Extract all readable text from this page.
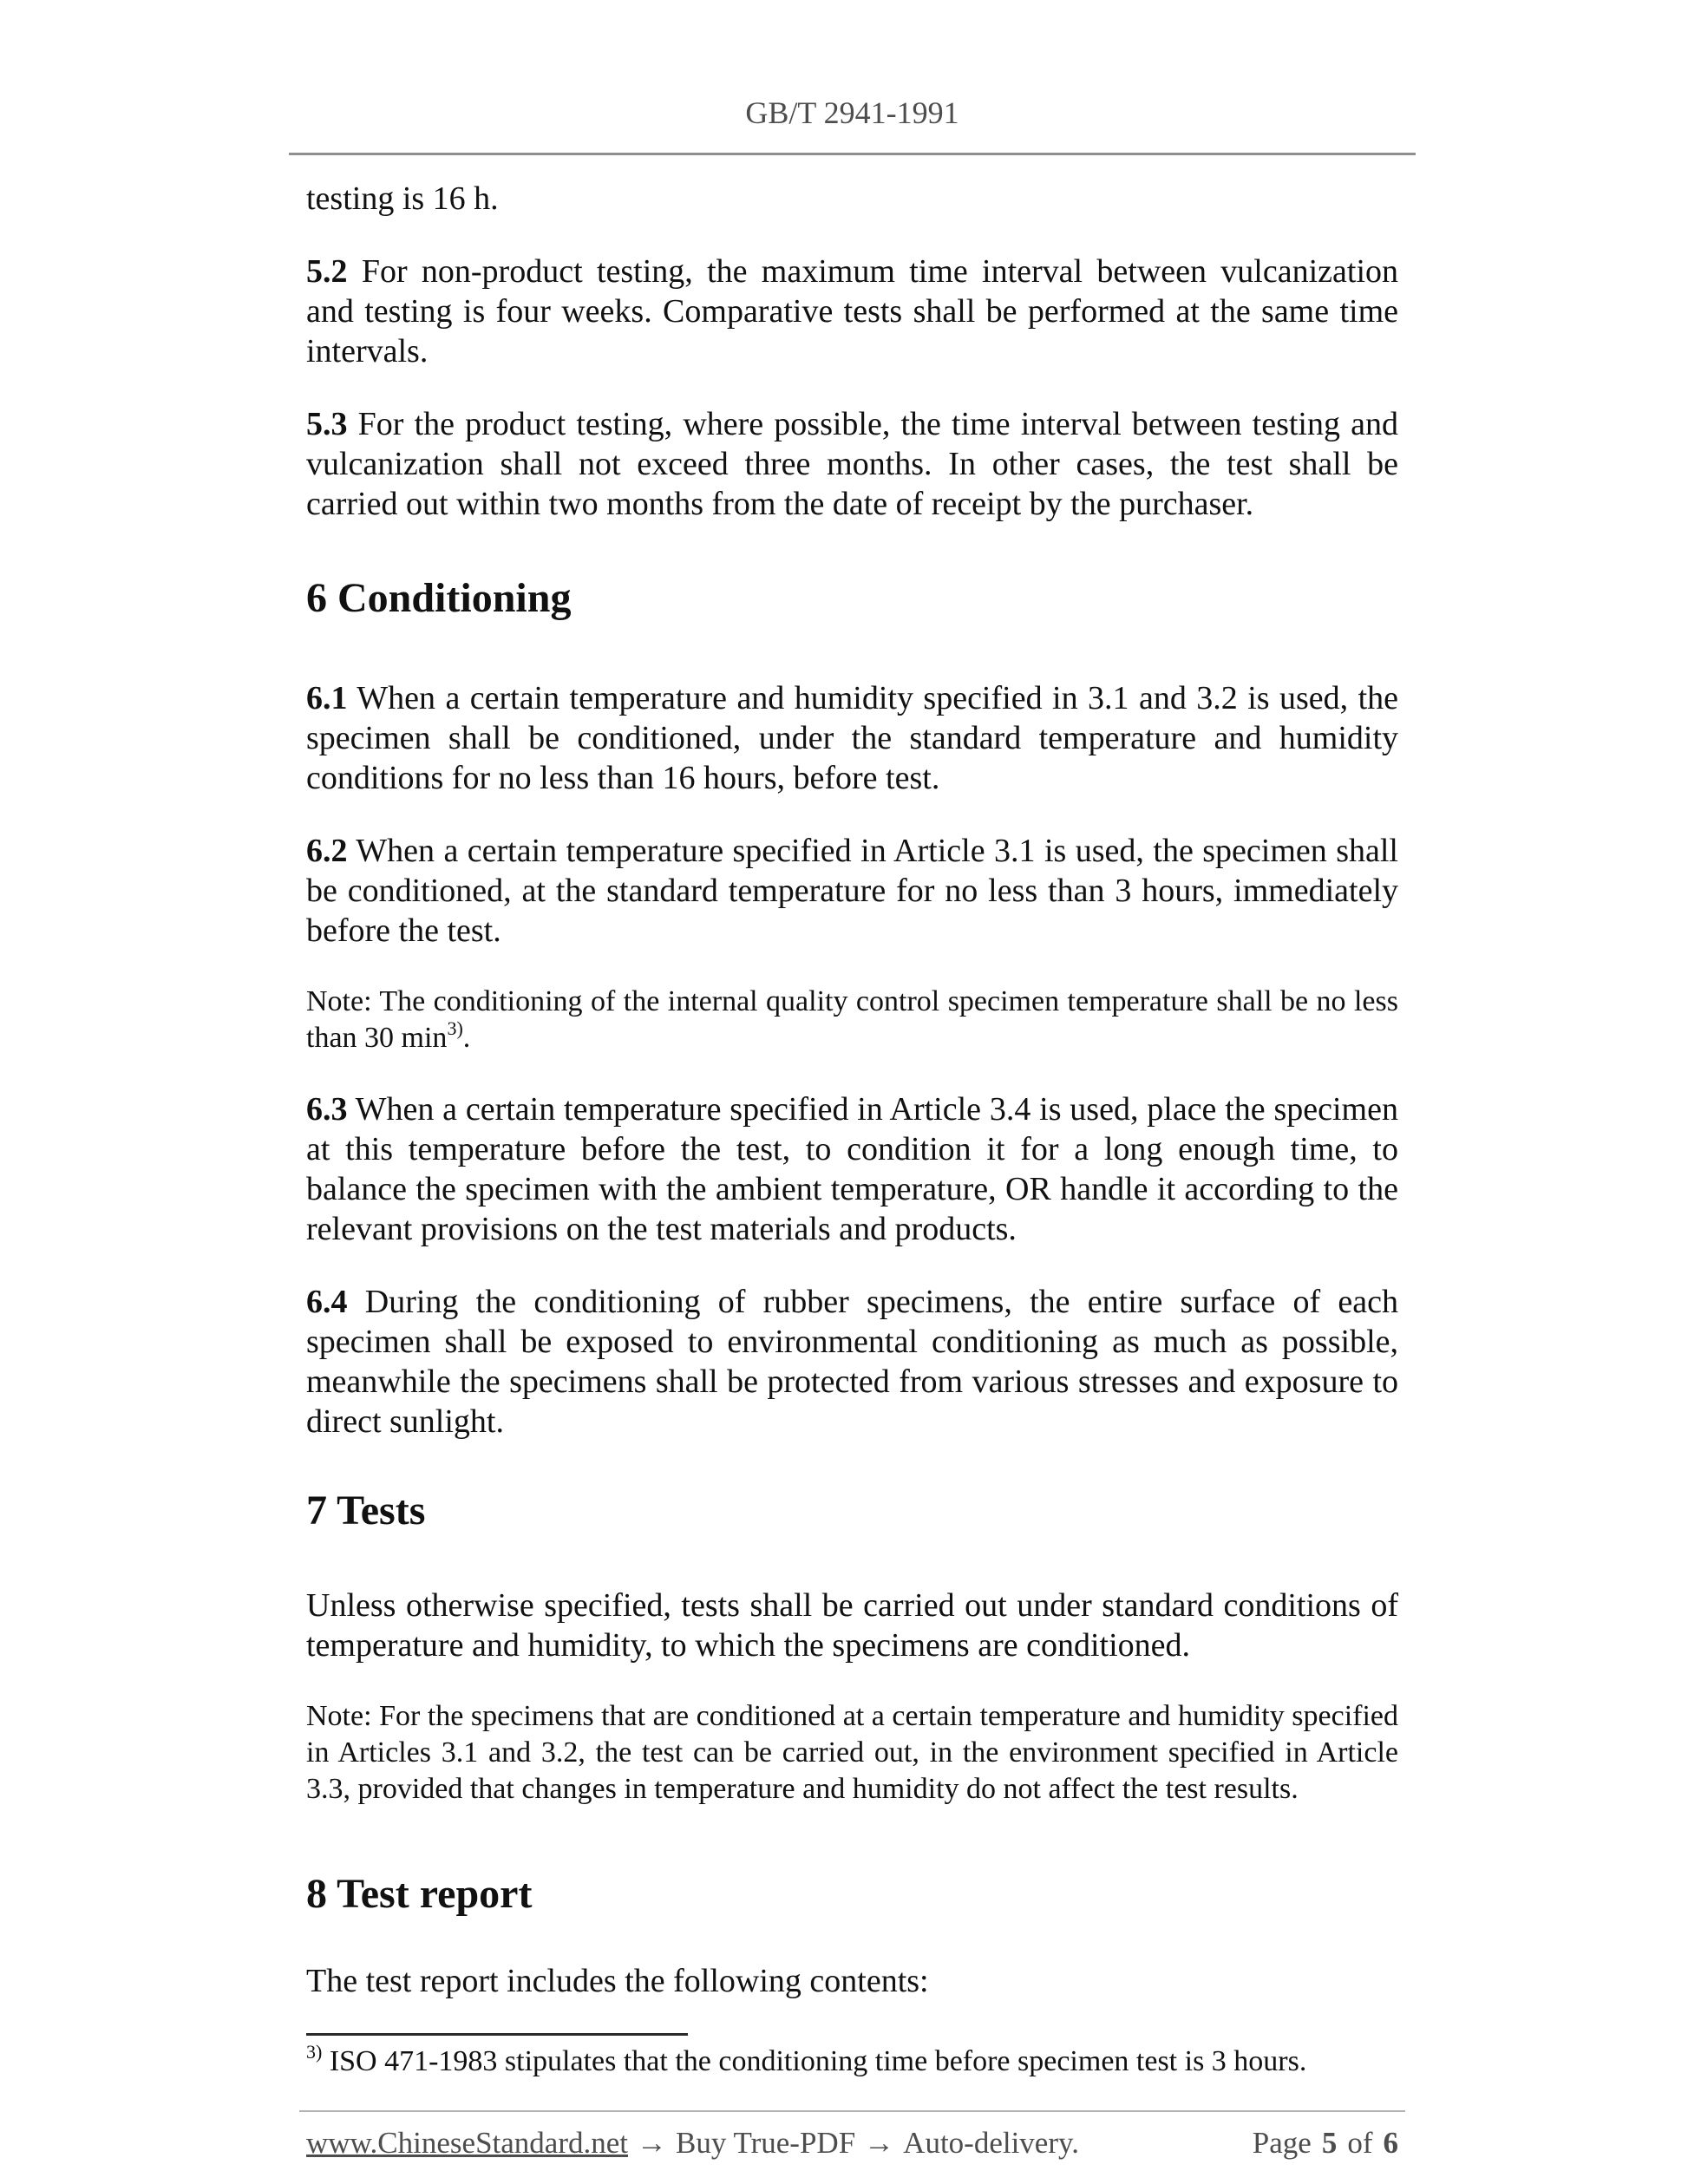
GB/T 2941-1991

testing is 16 h.

5.2 For non-product testing, the maximum time interval between vulcanization and testing is four weeks. Comparative tests shall be performed at the same time intervals.

5.3 For the product testing, where possible, the time interval between testing and vulcanization shall not exceed three months. In other cases, the test shall be carried out within two months from the date of receipt by the purchaser.

6 Conditioning

6.1 When a certain temperature and humidity specified in 3.1 and 3.2 is used, the specimen shall be conditioned, under the standard temperature and humidity conditions for no less than 16 hours, before test.

6.2 When a certain temperature specified in Article 3.1 is used, the specimen shall be conditioned, at the standard temperature for no less than 3 hours, immediately before the test.

Note: The conditioning of the internal quality control specimen temperature shall be no less than 30 min$^{3)}$.

6.3 When a certain temperature specified in Article 3.4 is used, place the specimen at this temperature before the test, to condition it for a long enough time, to balance the specimen with the ambient temperature, OR handle it according to the relevant provisions on the test materials and products.

6.4 During the conditioning of rubber specimens, the entire surface of each specimen shall be exposed to environmental conditioning as much as possible, meanwhile the specimens shall be protected from various stresses and exposure to direct sunlight.

7 Tests

Unless otherwise specified, tests shall be carried out under standard conditions of temperature and humidity, to which the specimens are conditioned.

Note: For the specimens that are conditioned at a certain temperature and humidity specified in Articles 3.1 and 3.2, the test can be carried out, in the environment specified in Article 3.3, provided that changes in temperature and humidity do not affect the test results.

8 Test report

The test report includes the following contents:

$^{3)}$ ISO 471-1983 stipulates that the conditioning time before specimen test is 3 hours.

www.ChineseStandard.net → Buy True-PDF → Auto-delivery.	Page 5 of 6
